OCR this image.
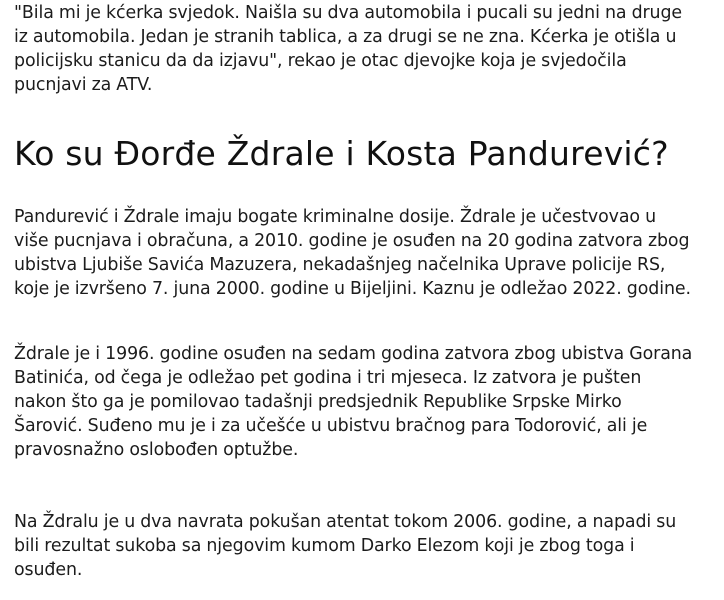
"Bila mi je kćerka svjedok. Naišla su dva automobila i pucali su jedni na druge
iz automobila. Jedan je stranih tablica, a za drugi se ne zna. Kćerka je otišla u
policijsku stanicu da da izjavu", rekao je otac djevojke koja je svjedočila
pucnjavi za ATV.

Ko su Đorđe Ždrale i Kosta Pandurević?

Pandurević i Ždrale imaju bogate kriminalne dosije. Ždrale je učestvovao u
više pucnjava i obračuna, a 2010. godine je osuđen na 20 godina zatvora zbog
ubistva Ljubiše Savića Mazuzera, nekadašnjeg načelnika Uprave policije RS,
koje je izvršeno 7. juna 2000. godine u Bijeljini. Kaznu je odležao 2022. godine.

Ždrale je i 1996. godine osuđen na sedam godina zatvora zbog ubistva Gorana
Batinića, od čega je odležao pet godina i tri mjeseca. Iz zatvora je pušten
nakon što ga je pomilovao tadašnji predsjednik Republike Srpske Mirko
Šarović. Suđeno mu je i za učešće u ubistvu bračnog para Todorović, ali je
pravosnažno oslobođen optužbe.

Na Ždralu je u dva navrata pokušan atentat tokom 2006. godine, a napadi su
bili rezultat sukoba sa njegovim kumom Darko Elezom koji je zbog toga i
osuđen.
